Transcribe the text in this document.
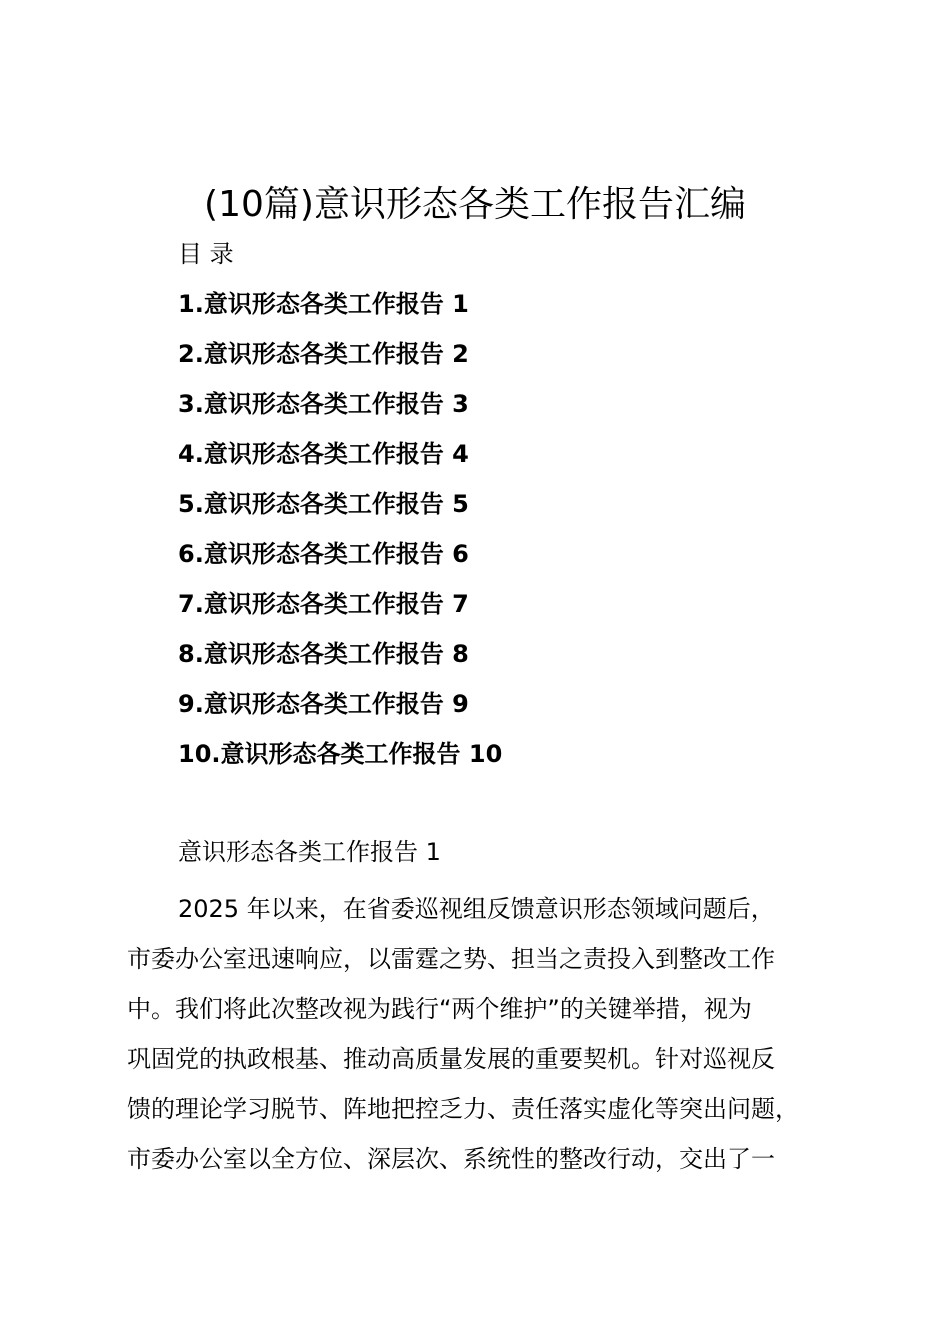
(10篇)意识形态各类工作报告汇编
目 录
1.意识形态各类工作报告 1
2.意识形态各类工作报告 2
3.意识形态各类工作报告 3
4.意识形态各类工作报告 4
5.意识形态各类工作报告 5
6.意识形态各类工作报告 6
7.意识形态各类工作报告 7
8.意识形态各类工作报告 8
9.意识形态各类工作报告 9
10.意识形态各类工作报告 10
意识形态各类工作报告 1

2025 年以来，在省委巡视组反馈意识形态领域问题后，
市委办公室迅速响应，以雷霆之势、担当之责投入到整改工作
中。我们将此次整改视为践行“两个维护”的关键举措，视为
巩固党的执政根基、推动高质量发展的重要契机。针对巡视反
馈的理论学习脱节、阵地把控乏力、责任落实虚化等突出问题，
市委办公室以全方位、深层次、系统性的整改行动，交出了一
